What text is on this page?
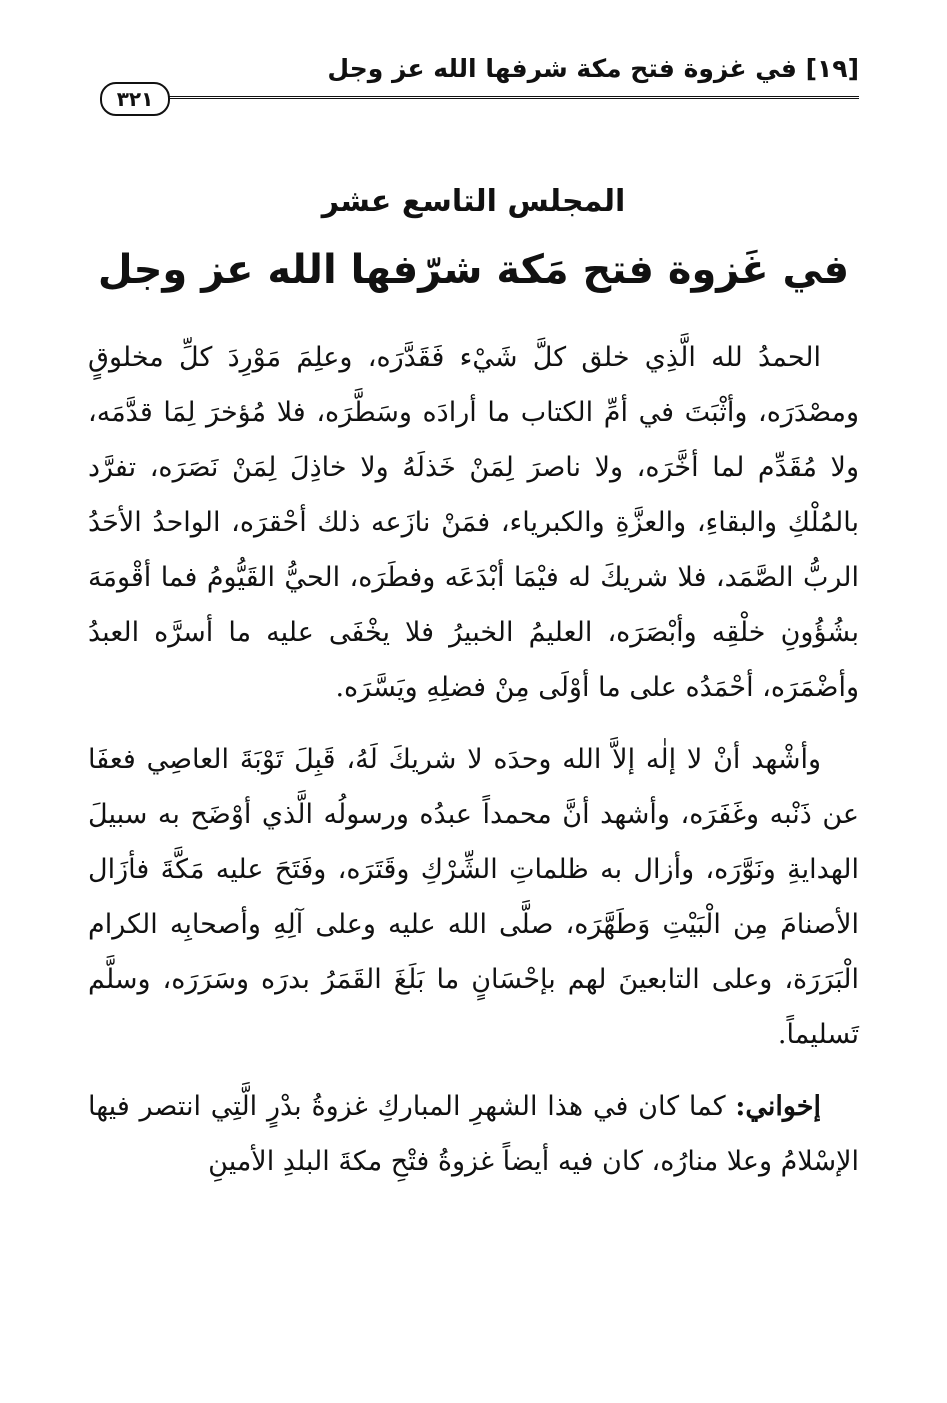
[١٩] في غزوة فتح مكة شرفها الله عز وجل
٣٢١
المجلس التاسع عشر
في غَزوة فتح مَكة شرّفها الله عز وجل

الحمدُ لله الَّذِي خلق كلَّ شَيْء فَقَدَّرَه، وعلِمَ مَوْرِدَ كلِّ مخلوقٍ ومصْدَرَه، وأثْبَتَ في أمِّ الكتاب ما أرادَه وسَطَّرَه، فلا مُؤخرَ لِمَا قدَّمَه، ولا مُقَدِّم لما أخَّرَه، ولا ناصرَ لِمَنْ خَذلَهُ ولا خاذِلَ لِمَنْ نَصَرَه، تفرَّد بالمُلْكِ والبقاءِ، والعزَّةِ والكبرياء، فمَنْ نازَعه ذلك أحْقرَه، الواحدُ الأحَدُ الربُّ الصَّمَد، فلا شريكَ له فيْمَا أبْدَعَه وفطَرَه، الحيُّ القَيُّومُ فما أقْومَهَ بشُؤُونِ خلْقِه وأبْصَرَه، العليمُ الخبيرُ فلا يخْفَى عليه ما أسرَّه العبدُ وأضْمَرَه، أحْمَدُه على ما أوْلَى مِنْ فضلِهِ ويَسَّرَه.

وأشْهد أنْ لا إلٰه إلاَّ الله وحدَه لا شريكَ لَهُ، قَبِلَ تَوْبَةَ العاصِي فعفَا عن ذَنْبه وغَفَرَه، وأشهد أنَّ محمداً عبدُه ورسولُه الَّذي أوْضَح به سبيلَ الهدايةِ ونَوَّرَه، وأزال به ظلماتِ الشِّرْكِ وقَتَرَه، وفَتَحَ عليه مَكَّةَ فأزَال الأصنامَ مِن الْبَيْتِ وَطَهَّرَه، صلَّى الله عليه وعلى آلِهِ وأصحابِه الكرام الْبَرَرَة، وعلى التابعينَ لهم بإحْسَانٍ ما بَلَغَ القَمَرُ بدرَه وسَرَرَه، وسلَّم تَسليماً.

إخواني: كما كان في هذا الشهرِ المباركِ غزوةُ بدْرٍ الَّتِي انتصر فيها الإسْلامُ وعلا منارُه، كان فيه أيضاً غزوةُ فتْحِ مكةَ البلدِ الأمينِ
